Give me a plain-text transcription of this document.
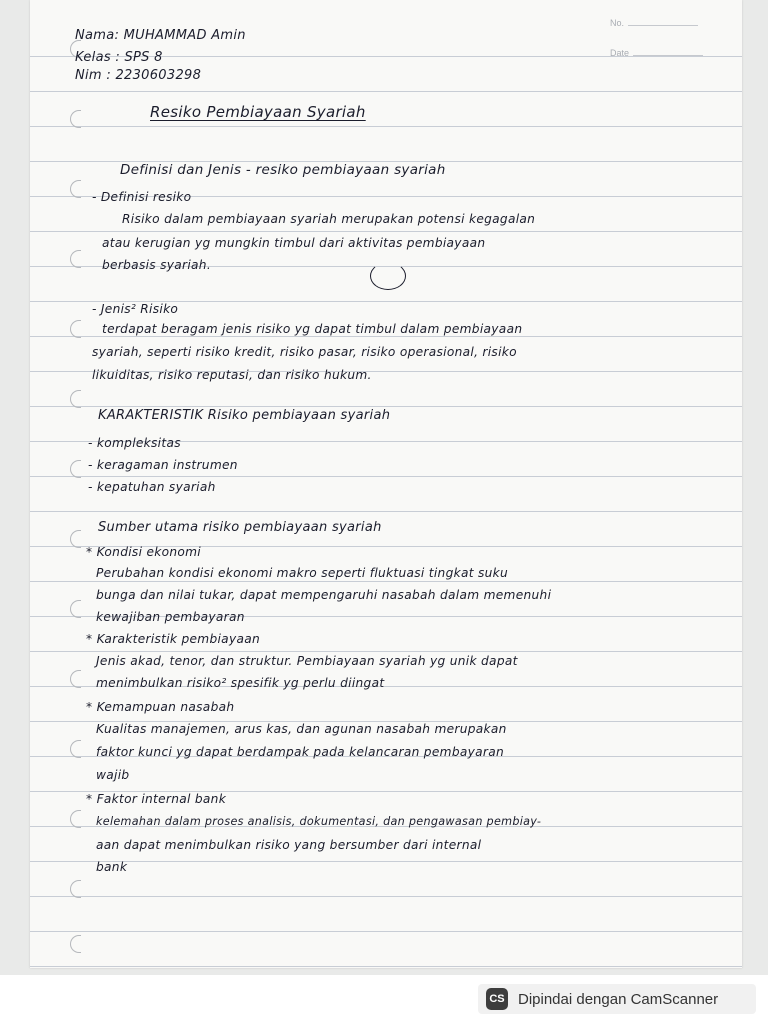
No.
Date
Nama: MUHAMMAD Amin
Kelas : SPS 8
Nim : 2230603298
Resiko Pembiayaan Syariah
Definisi dan Jenis - resiko pembiayaan syariah
- Definisi resiko
Risiko dalam pembiayaan syariah merupakan potensi kegagalan
atau kerugian yg mungkin timbul dari aktivitas pembiayaan
berbasis syariah.
- Jenis² Risiko
terdapat beragam jenis risiko yg dapat timbul dalam pembiayaan
syariah, seperti risiko kredit, risiko pasar, risiko operasional, risiko
likuiditas, risiko reputasi, dan risiko hukum.
KARAKTERISTIK Risiko pembiayaan syariah
- kompleksitas
- keragaman instrumen
- kepatuhan syariah
Sumber utama risiko pembiayaan syariah
* Kondisi ekonomi
Perubahan kondisi ekonomi makro seperti fluktuasi tingkat suku
bunga dan nilai tukar, dapat mempengaruhi nasabah dalam memenuhi
kewajiban pembayaran
* Karakteristik pembiayaan
Jenis akad, tenor, dan struktur. Pembiayaan syariah yg unik dapat
menimbulkan risiko² spesifik yg perlu diingat
* Kemampuan nasabah
Kualitas manajemen, arus kas, dan agunan nasabah merupakan
faktor kunci yg dapat berdampak pada kelancaran pembayaran
wajib
* Faktor internal bank
kelemahan dalam proses analisis, dokumentasi, dan pengawasan pembiay-
aan dapat menimbulkan risiko yang bersumber dari internal
bank
CS Dipindai dengan CamScanner
